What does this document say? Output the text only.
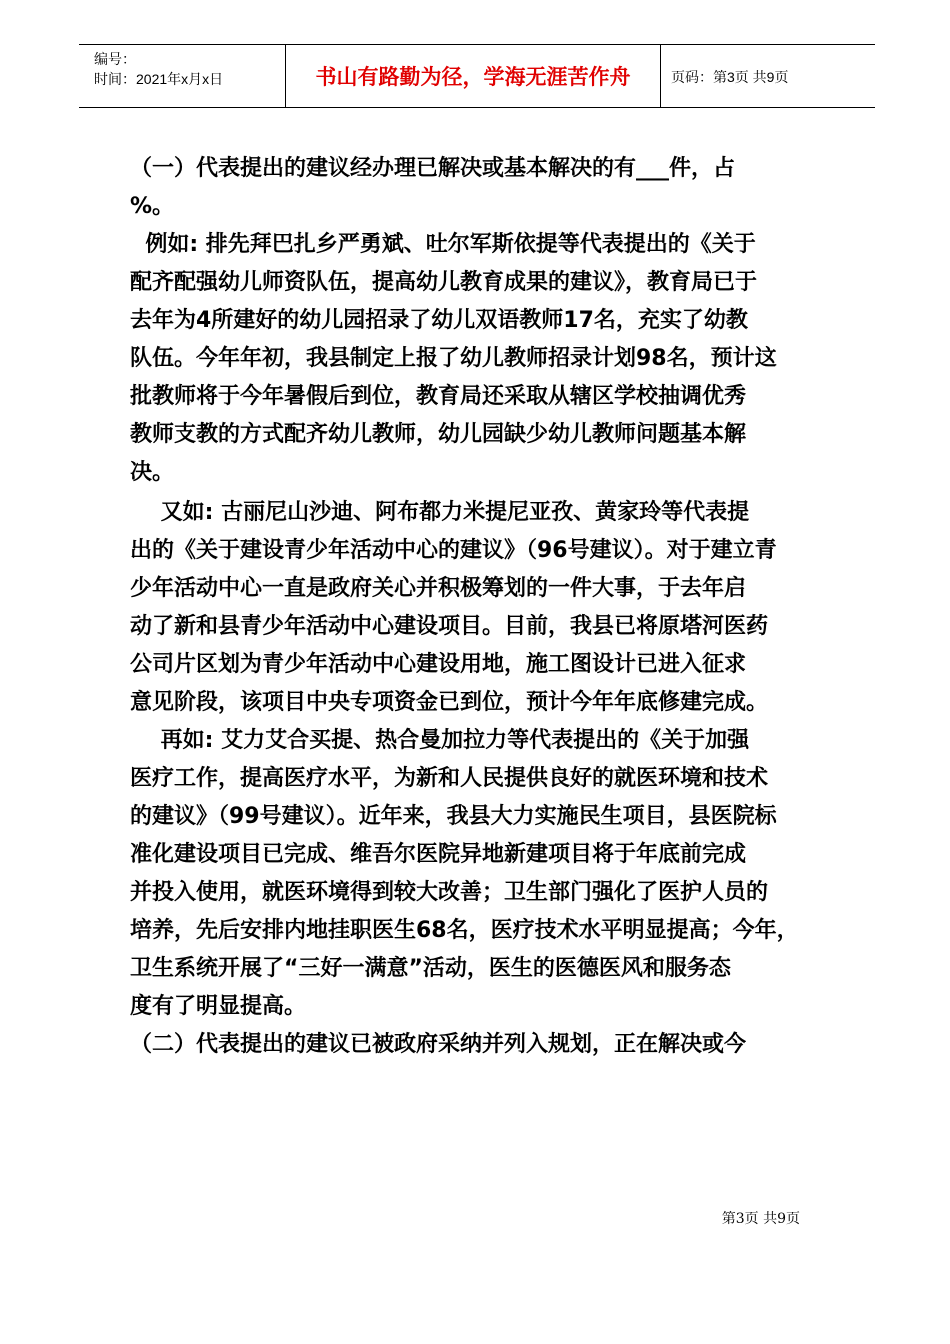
编号：
时间：2021年x月x日	书山有路勤为径，学海无涯苦作舟	页码：第3页 共9页
（一）代表提出的建议经办理已解决或基本解决的有___件，占
%。
例如: 排先拜巴扎乡严勇斌、吐尔军斯依提等代表提出的《关于
配齐配强幼儿师资队伍，提高幼儿教育成果的建议》，教育局已于
去年为4所建好的幼儿园招录了幼儿双语教师17名，充实了幼教
队伍。今年年初，我县制定上报了幼儿教师招录计划98名，预计这
批教师将于今年暑假后到位，教育局还采取从辖区学校抽调优秀
教师支教的方式配齐幼儿教师，幼儿园缺少幼儿教师问题基本解
决。
又如: 古丽尼山沙迪、阿布都力米提尼亚孜、黄家玲等代表提
出的《关于建设青少年活动中心的建议》（96号建议）。对于建立青
少年活动中心一直是政府关心并积极筹划的一件大事，于去年启
动了新和县青少年活动中心建设项目。目前，我县已将原塔河医药
公司片区划为青少年活动中心建设用地，施工图设计已进入征求
意见阶段，该项目中央专项资金已到位，预计今年年底修建完成。
再如: 艾力艾合买提、热合曼加拉力等代表提出的《关于加强
医疗工作，提高医疗水平，为新和人民提供良好的就医环境和技术
的建议》（99号建议）。近年来，我县大力实施民生项目，县医院标
准化建设项目已完成、维吾尔医院异地新建项目将于年底前完成
并投入使用，就医环境得到较大改善；卫生部门强化了医护人员的
培养，先后安排内地挂职医生68名，医疗技术水平明显提高；今年，
卫生系统开展了“三好一满意”活动，医生的医德医风和服务态
度有了明显提高。
（二）代表提出的建议已被政府采纳并列入规划，正在解决或今
第3页 共9页
